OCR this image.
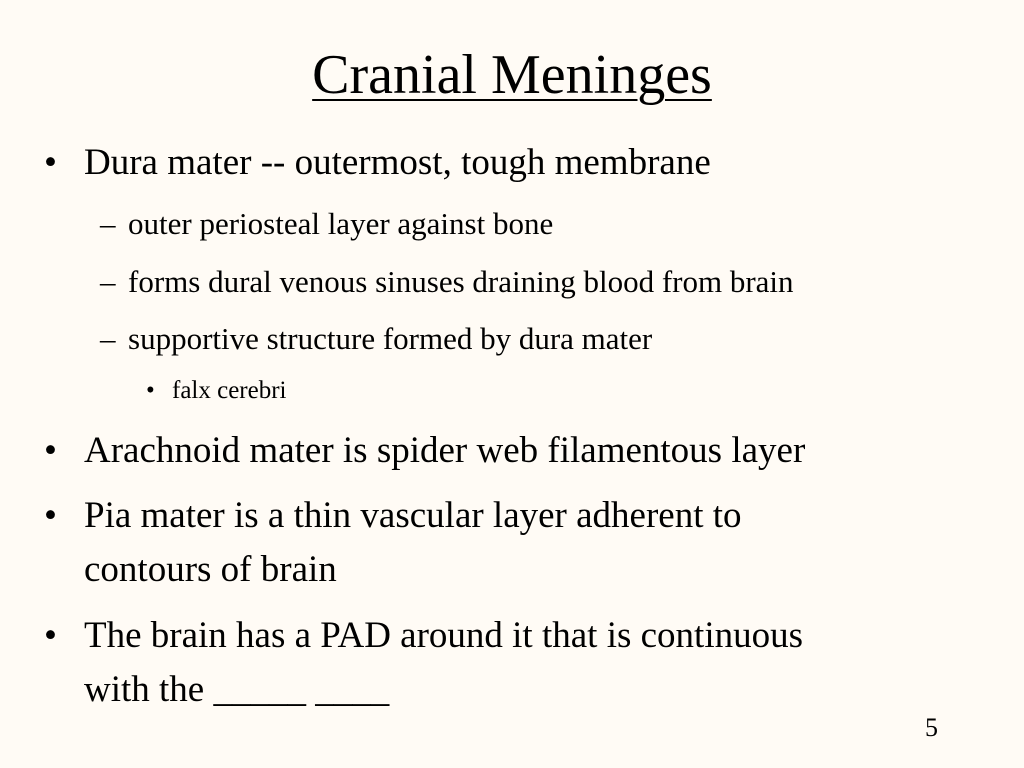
Cranial Meninges
• Dura mater -- outermost, tough membrane
– outer periosteal layer against bone
– forms dural venous sinuses draining blood from brain
– supportive structure formed by dura mater
• falx cerebri
• Arachnoid mater is spider web filamentous layer
• Pia mater is a thin vascular layer adherent to
contours of brain
• The brain has a PAD around it that is continuous
with the _____ ____
5
